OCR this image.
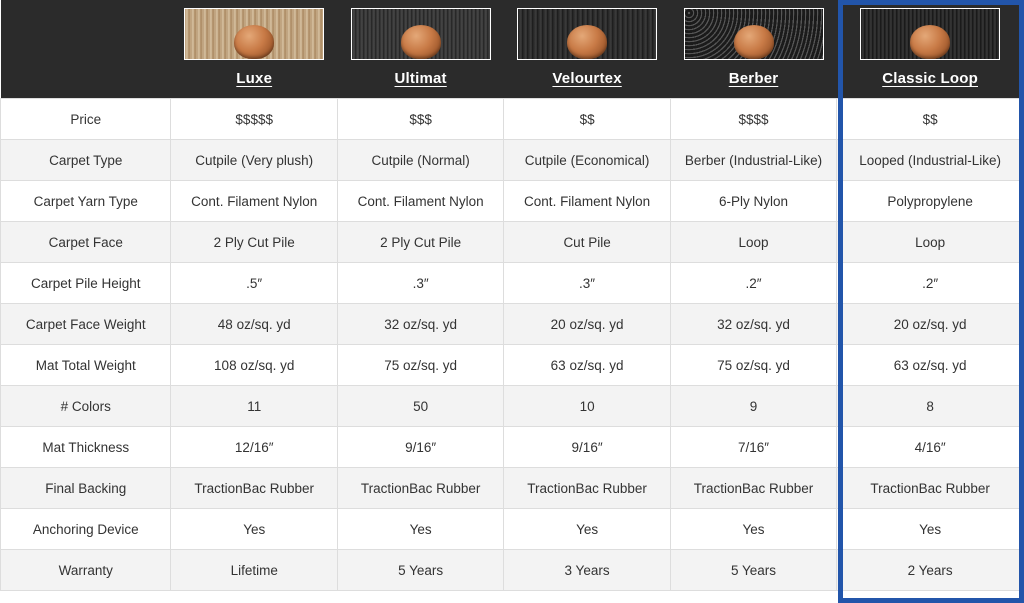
	Luxe	Ultimat	Velourtex	Berber	Classic Loop

Price	$$$$$	$$$	$$	$$$$	$$
Carpet Type	Cutpile (Very plush)	Cutpile (Normal)	Cutpile (Economical)	Berber (Industrial-Like)	Looped (Industrial-Like)
Carpet Yarn Type	Cont. Filament Nylon	Cont. Filament Nylon	Cont. Filament Nylon	6-Ply Nylon	Polypropylene
Carpet Face	2 Ply Cut Pile	2 Ply Cut Pile	Cut Pile	Loop	Loop
Carpet Pile Height	.5″	.3″	.3″	.2″	.2″
Carpet Face Weight	48 oz/sq. yd	32 oz/sq. yd	20 oz/sq. yd	32 oz/sq. yd	20 oz/sq. yd
Mat Total Weight	108 oz/sq. yd	75 oz/sq. yd	63 oz/sq. yd	75 oz/sq. yd	63 oz/sq. yd
# Colors	11	50	10	9	8
Mat Thickness	12/16″	9/16″	9/16″	7/16″	4/16″
Final Backing	TractionBac Rubber	TractionBac Rubber	TractionBac Rubber	TractionBac Rubber	TractionBac Rubber
Anchoring Device	Yes	Yes	Yes	Yes	Yes
Warranty	Lifetime	5 Years	3 Years	5 Years	2 Years
